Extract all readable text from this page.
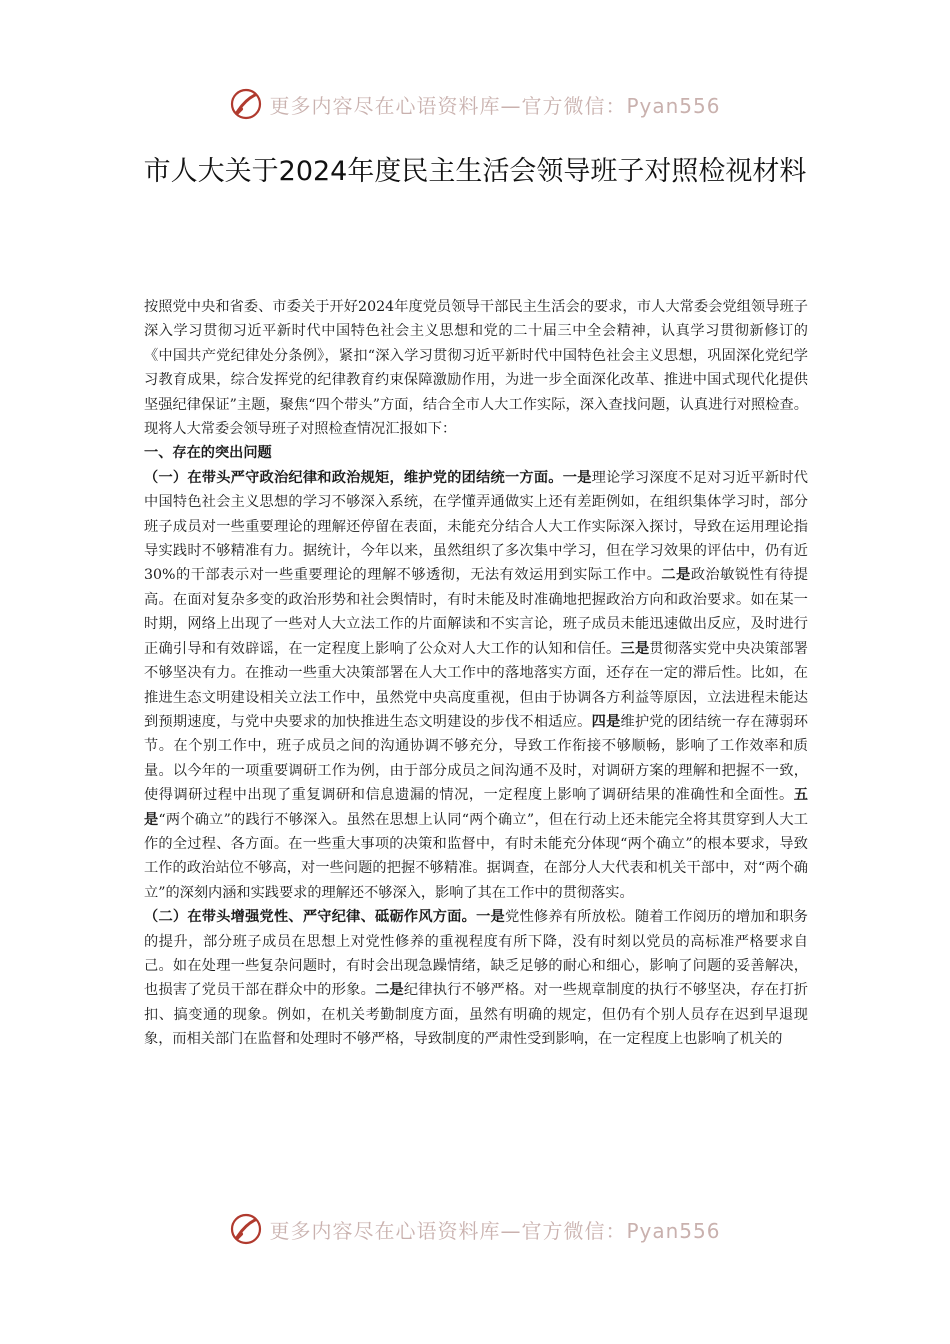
更多内容尽在心语资料库—官方微信：Pyan556
市人大关于2024年度民主生活会领导班子对照检视材料

按照党中央和省委、市委关于开好2024年度党员领导干部民主生活会的要求，市人大常委会党组领导班子深入学习贯彻习近平新时代中国特色社会主义思想和党的二十届三中全会精神，认真学习贯彻新修订的《中国共产党纪律处分条例》，紧扣“深入学习贯彻习近平新时代中国特色社会主义思想，巩固深化党纪学习教育成果，综合发挥党的纪律教育约束保障激励作用，为进一步全面深化改革、推进中国式现代化提供坚强纪律保证”主题，聚焦“四个带头”方面，结合全市人大工作实际，深入查找问题，认真进行对照检查。现将人大常委会领导班子对照检查情况汇报如下：

一、存在的突出问题

（一）在带头严守政治纪律和政治规矩，维护党的团结统一方面。一是理论学习深度不足对习近平新时代中国特色社会主义思想的学习不够深入系统，在学懂弄通做实上还有差距例如，在组织集体学习时，部分班子成员对一些重要理论的理解还停留在表面，未能充分结合人大工作实际深入探讨，导致在运用理论指导实践时不够精准有力。据统计，今年以来，虽然组织了多次集中学习，但在学习效果的评估中，仍有近30%的干部表示对一些重要理论的理解不够透彻，无法有效运用到实际工作中。二是政治敏锐性有待提高。在面对复杂多变的政治形势和社会舆情时，有时未能及时准确地把握政治方向和政治要求。如在某一时期，网络上出现了一些对人大立法工作的片面解读和不实言论，班子成员未能迅速做出反应，及时进行正确引导和有效辟谣，在一定程度上影响了公众对人大工作的认知和信任。三是贯彻落实党中央决策部署不够坚决有力。在推动一些重大决策部署在人大工作中的落地落实方面，还存在一定的滞后性。比如，在推进生态文明建设相关立法工作中，虽然党中央高度重视，但由于协调各方利益等原因，立法进程未能达到预期速度，与党中央要求的加快推进生态文明建设的步伐不相适应。四是维护党的团结统一存在薄弱环节。在个别工作中，班子成员之间的沟通协调不够充分，导致工作衔接不够顺畅，影响了工作效率和质量。以今年的一项重要调研工作为例，由于部分成员之间沟通不及时，对调研方案的理解和把握不一致，使得调研过程中出现了重复调研和信息遗漏的情况，一定程度上影响了调研结果的准确性和全面性。五是“两个确立”的践行不够深入。虽然在思想上认同“两个确立”，但在行动上还未能完全将其贯穿到人大工作的全过程、各方面。在一些重大事项的决策和监督中，有时未能充分体现“两个确立”的根本要求，导致工作的政治站位不够高，对一些问题的把握不够精准。据调查，在部分人大代表和机关干部中，对“两个确立”的深刻内涵和实践要求的理解还不够深入，影响了其在工作中的贯彻落实。

（二）在带头增强党性、严守纪律、砥砺作风方面。一是党性修养有所放松。随着工作阅历的增加和职务的提升，部分班子成员在思想上对党性修养的重视程度有所下降，没有时刻以党员的高标准严格要求自己。如在处理一些复杂问题时，有时会出现急躁情绪，缺乏足够的耐心和细心，影响了问题的妥善解决，也损害了党员干部在群众中的形象。二是纪律执行不够严格。对一些规章制度的执行不够坚决，存在打折扣、搞变通的现象。例如，在机关考勤制度方面，虽然有明确的规定，但仍有个别人员存在迟到早退现象，而相关部门在监督和处理时不够严格，导致制度的严肃性受到影响，在一定程度上也影响了机关的

更多内容尽在心语资料库—官方微信：Pyan556
